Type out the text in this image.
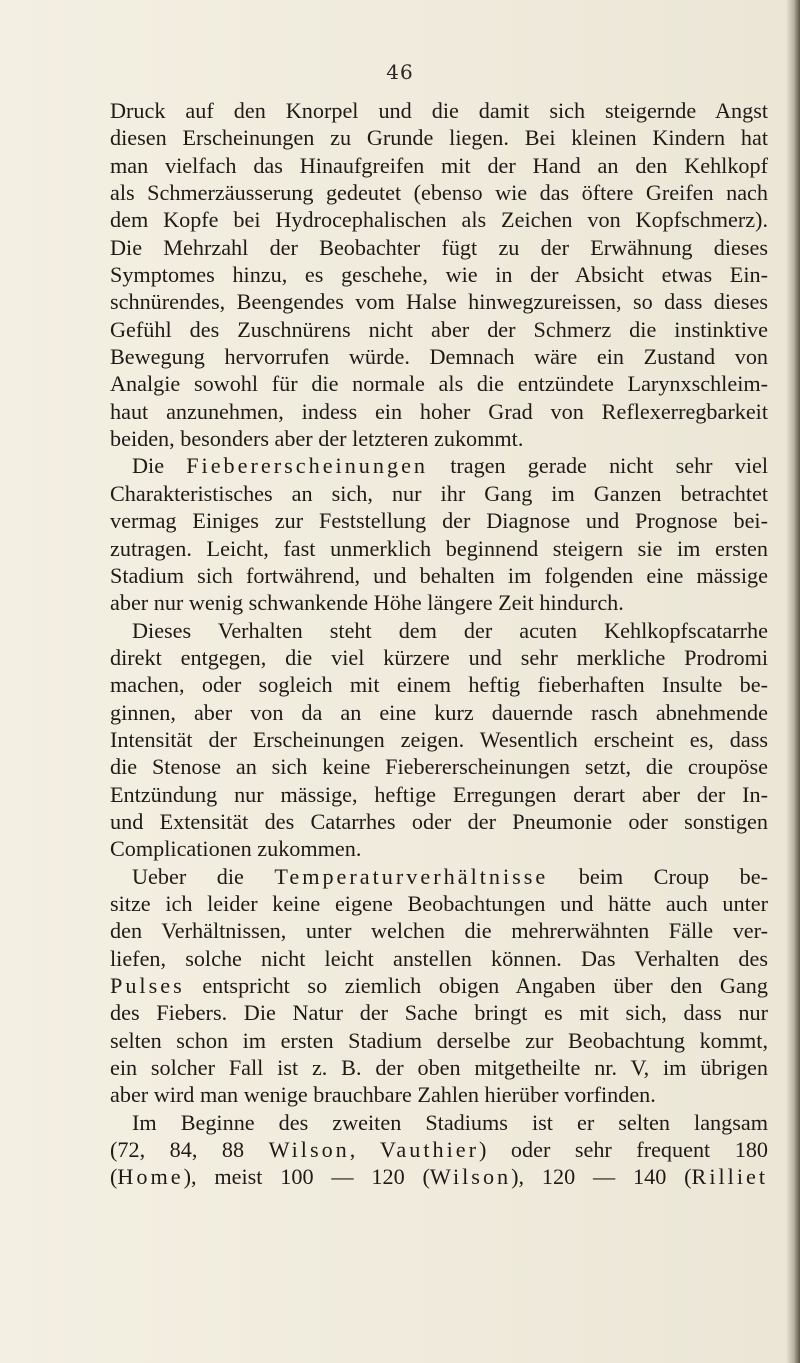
46
Druck auf den Knorpel und die damit sich steigernde Angst
diesen Erscheinungen zu Grunde liegen. Bei kleinen Kindern hat
man vielfach das Hinaufgreifen mit der Hand an den Kehlkopf
als Schmerzäusserung gedeutet (ebenso wie das öftere Greifen nach
dem Kopfe bei Hydrocephalischen als Zeichen von Kopfschmerz).
Die Mehrzahl der Beobachter fügt zu der Erwähnung dieses
Symptomes hinzu, es geschehe, wie in der Absicht etwas Ein-
schnürendes, Beengendes vom Halse hinwegzureissen, so dass dieses
Gefühl des Zuschnürens nicht aber der Schmerz die instinktive
Bewegung hervorrufen würde. Demnach wäre ein Zustand von
Analgie sowohl für die normale als die entzündete Larynxschleim-
haut anzunehmen, indess ein hoher Grad von Reflexerregbarkeit
beiden, besonders aber der letzteren zukommt.
Die Fiebererscheinungen tragen gerade nicht sehr viel
Charakteristisches an sich, nur ihr Gang im Ganzen betrachtet
vermag Einiges zur Feststellung der Diagnose und Prognose bei-
zutragen. Leicht, fast unmerklich beginnend steigern sie im ersten
Stadium sich fortwährend, und behalten im folgenden eine mässige
aber nur wenig schwankende Höhe längere Zeit hindurch.
Dieses Verhalten steht dem der acuten Kehlkopfscatarrhe
direkt entgegen, die viel kürzere und sehr merkliche Prodromi
machen, oder sogleich mit einem heftig fieberhaften Insulte be-
ginnen, aber von da an eine kurz dauernde rasch abnehmende
Intensität der Erscheinungen zeigen. Wesentlich erscheint es, dass
die Stenose an sich keine Fiebererscheinungen setzt, die croupöse
Entzündung nur mässige, heftige Erregungen derart aber der In-
und Extensität des Catarrhes oder der Pneumonie oder sonstigen
Complicationen zukommen.
Ueber die Temperaturverhältnisse beim Croup be-
sitze ich leider keine eigene Beobachtungen und hätte auch unter
den Verhältnissen, unter welchen die mehrerwähnten Fälle ver-
liefen, solche nicht leicht anstellen können. Das Verhalten des
Pulses entspricht so ziemlich obigen Angaben über den Gang
des Fiebers. Die Natur der Sache bringt es mit sich, dass nur
selten schon im ersten Stadium derselbe zur Beobachtung kommt,
ein solcher Fall ist z. B. der oben mitgetheilte nr. V, im übrigen
aber wird man wenige brauchbare Zahlen hierüber vorfinden.
Im Beginne des zweiten Stadiums ist er selten langsam
(72, 84, 88 Wilson, Vauthier) oder sehr frequent 180
(Home), meist 100 — 120 (Wilson), 120 — 140 (Rilliet
